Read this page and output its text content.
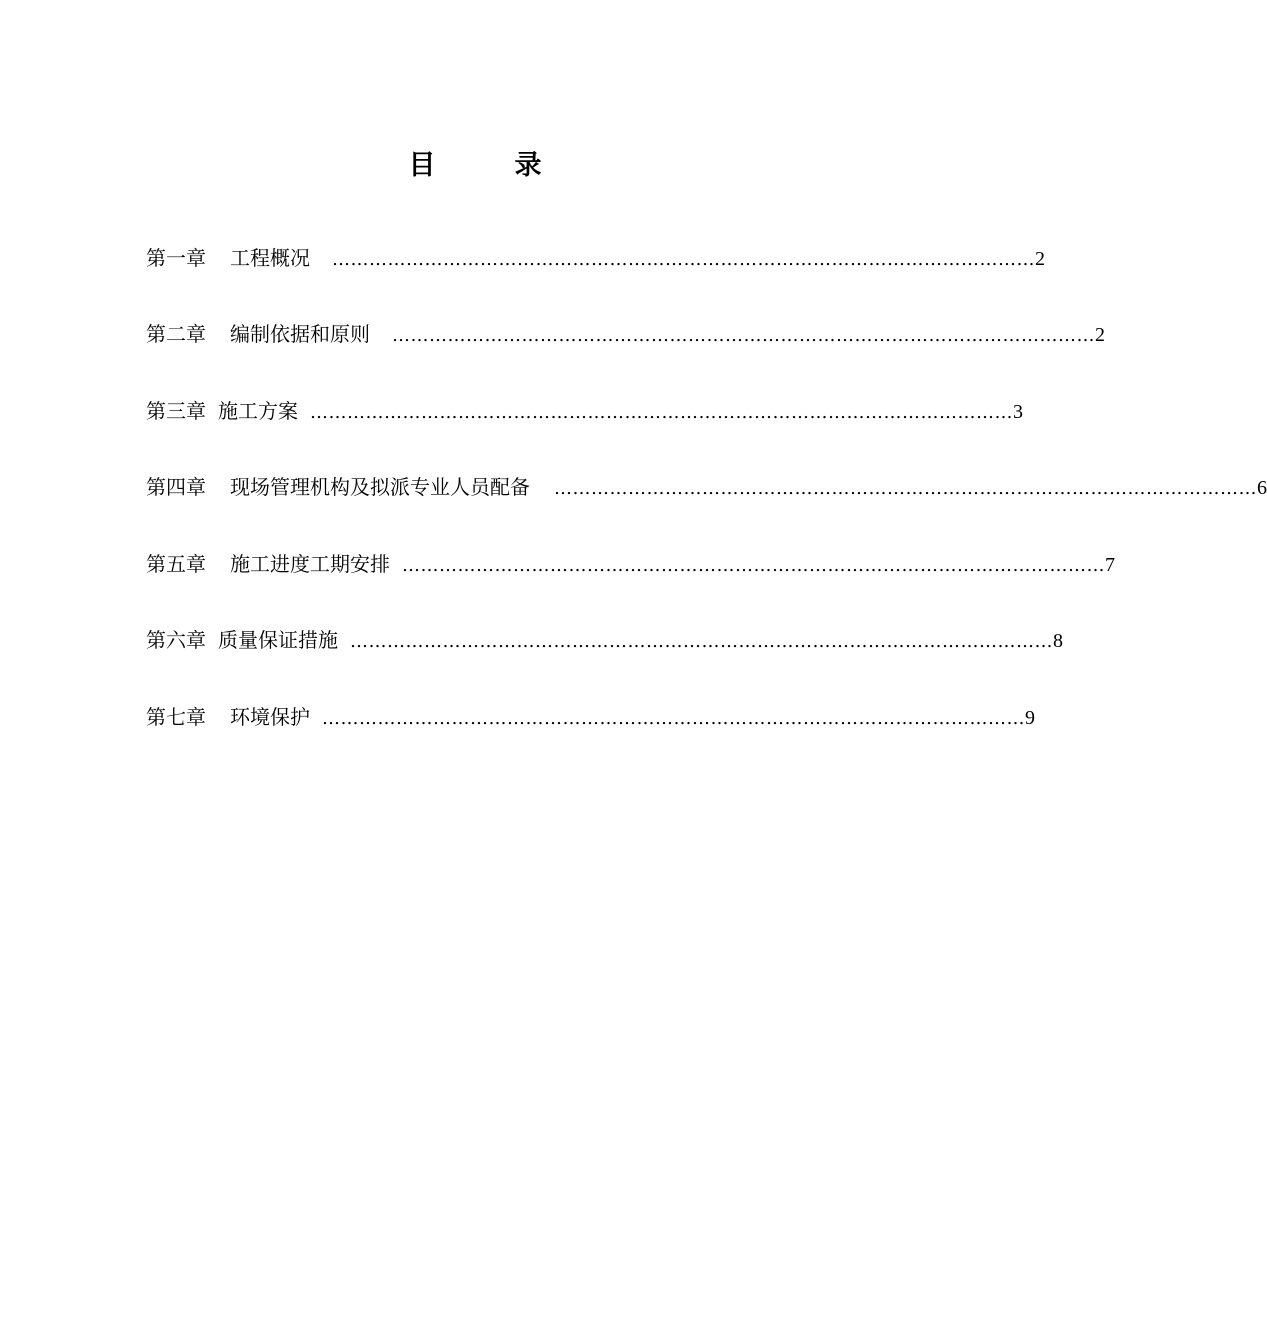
目　录
第一章 工程概况 …………………………………………………………………………………………………… 2
第二章 编制依据和原则 …………………………………………………………………………………………………… 2
第三章 施工方案 …………………………………………………………………………………………………… 3
第四章 现场管理机构及拟派专业人员配备 …………………………………………………………………………………………………… 6
第五章 施工进度工期安排 …………………………………………………………………………………………………… 7
第六章 质量保证措施 …………………………………………………………………………………………………… 8
第七章 环境保护 …………………………………………………………………………………………………… 9
